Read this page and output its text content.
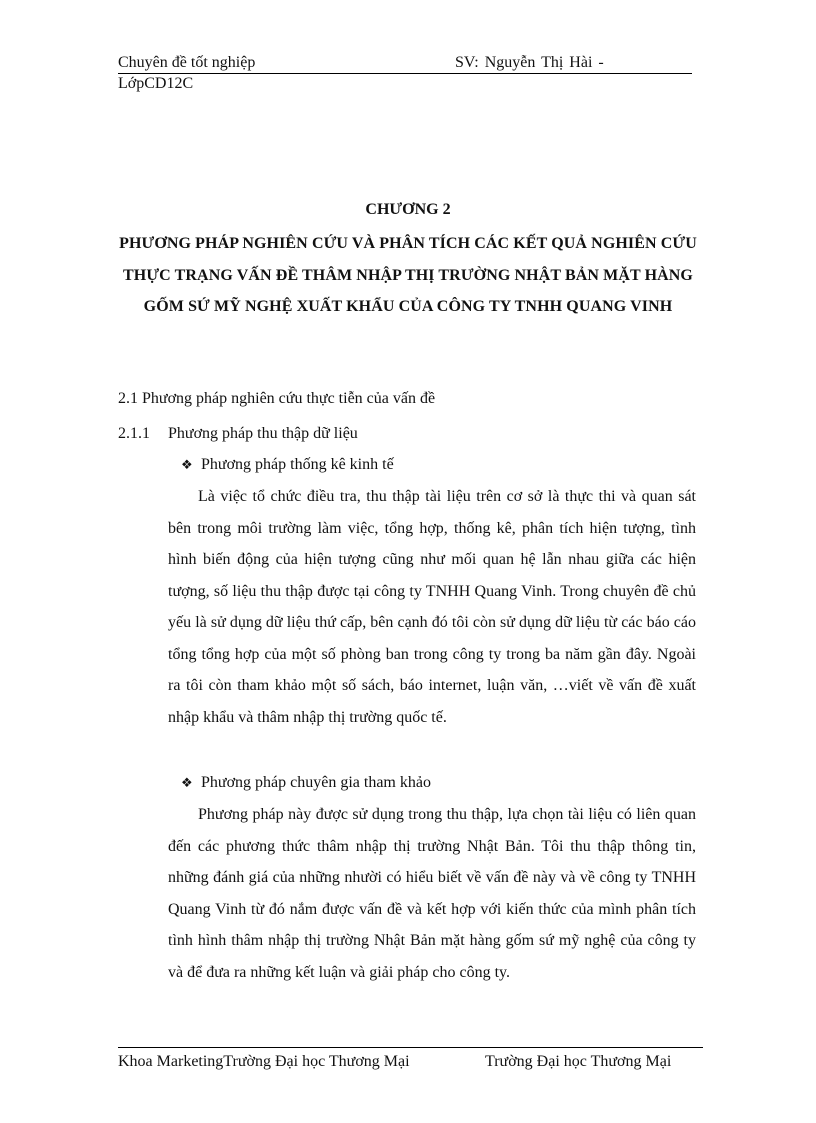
Chuyên đề tốt nghiệp	SV: Nguyễn Thị Hài -
LớpCD12C
CHƯƠNG 2
PHƯƠNG PHÁP NGHIÊN CỨU VÀ PHÂN TÍCH CÁC KẾT QUẢ NGHIÊN CỨU THỰC TRẠNG VẤN ĐỀ THÂM NHẬP THỊ TRƯỜNG NHẬT BẢN MẶT HÀNG GỐM SỨ MỸ NGHỆ XUẤT KHẨU CỦA CÔNG TY TNHH QUANG VINH
2.1 Phương pháp nghiên cứu thực tiễn của vấn đề
2.1.1 Phương pháp thu thập dữ liệu
❖ Phương pháp thống kê kinh tế
Là việc tổ chức điều tra, thu thập tài liệu trên cơ sở là thực thi và quan sát bên trong môi trường làm việc, tổng hợp, thống kê, phân tích hiện tượng, tình hình biến động của hiện tượng cũng như mối quan hệ lẫn nhau giữa các hiện tượng, số liệu thu thập được tại công ty TNHH Quang Vinh. Trong chuyên đề chủ yếu là sử dụng dữ liệu thứ cấp, bên cạnh đó tôi còn sử dụng dữ liệu từ các báo cáo tổng tổng hợp của một số phòng ban trong công ty trong ba năm gần đây. Ngoài ra tôi còn tham khảo một số sách, báo internet, luận văn, …viết về vấn đề xuất nhập khẩu và thâm nhập thị trường quốc tế.
❖ Phương pháp chuyên gia tham khảo
Phương pháp này được sử dụng trong thu thập, lựa chọn tài liệu có liên quan đến các phương thức thâm nhập thị trường Nhật Bản. Tôi thu thập thông tin, những đánh giá của những nhười có hiểu biết về vấn đề này và về công ty TNHH Quang Vinh từ đó nắm được vấn đề và kết hợp với kiến thức của mình phân tích tình hình thâm nhập thị trường Nhật Bản mặt hàng gốm sứ mỹ nghệ của công ty và để đưa ra những kết luận và giải pháp cho công ty.
Khoa MarketingTrường Đại học Thương Mại	Trường Đại học Thương Mại
